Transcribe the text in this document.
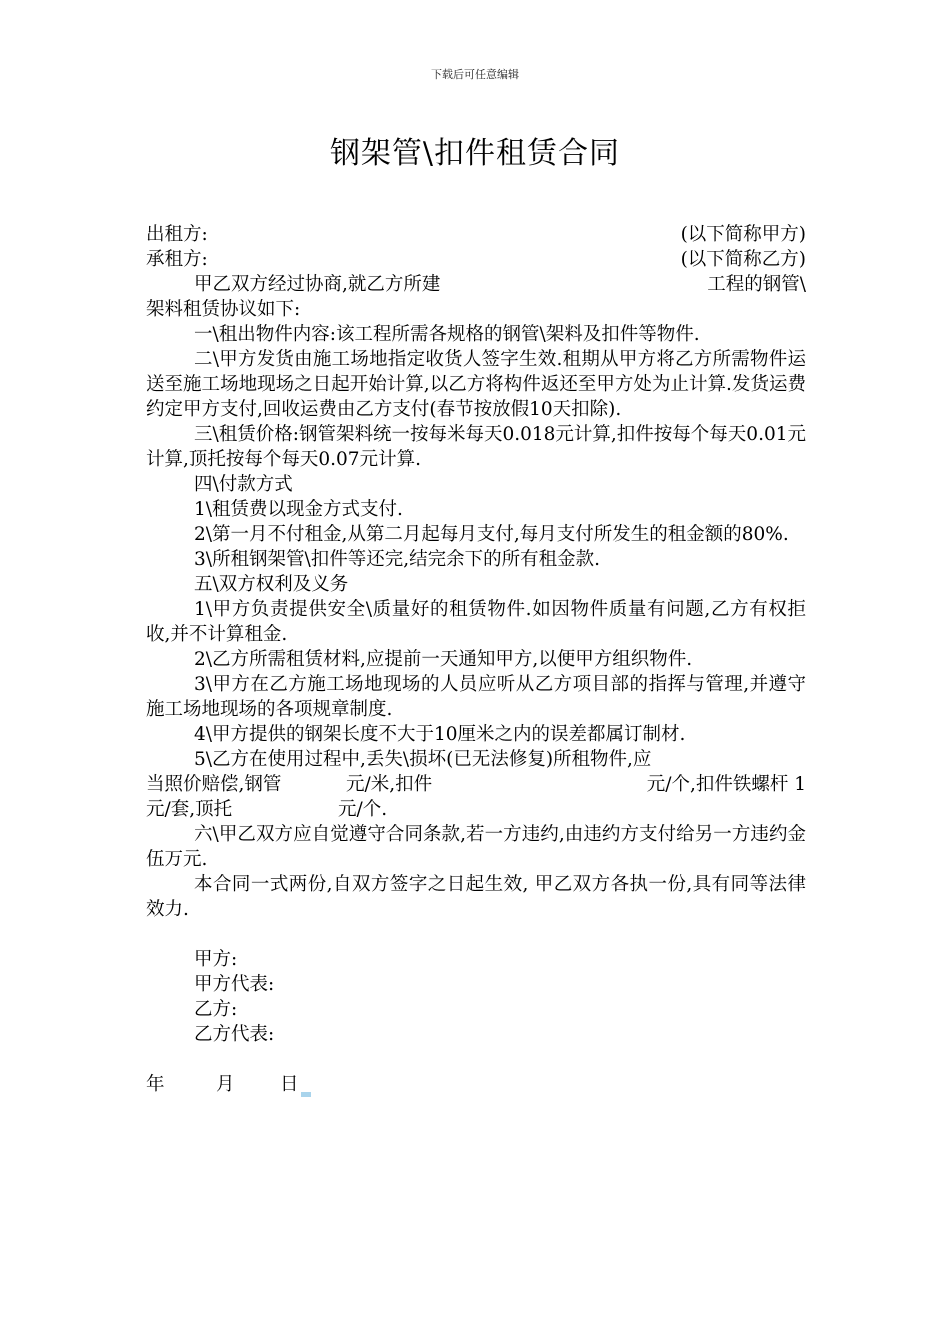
下载后可任意编辑
钢架管\扣件租赁合同
出租方:	(以下简称甲方)
承租方:	(以下简称乙方)
甲乙双方经过协商,就乙方所建	工程的钢管\
架料租赁协议如下:
一\租出物件内容:该工程所需各规格的钢管\架料及扣件等物件.
二\甲方发货由施工场地指定收货人签字生效.租期从甲方将乙方所需物件运送至施工场地现场之日起开始计算,以乙方将构件返还至甲方处为止计算.发货运费约定甲方支付,回收运费由乙方支付(春节按放假10天扣除).
三\租赁价格:钢管架料统一按每米每天0.018元计算,扣件按每个每天0.01元计算,顶托按每个每天0.07元计算.
四\付款方式
1\租赁费以现金方式支付.
2\第一月不付租金,从第二月起每月支付,每月支付所发生的租金额的80%.
3\所租钢架管\扣件等还完,结完余下的所有租金款.
五\双方权利及义务
1\甲方负责提供安全\质量好的租赁物件.如因物件质量有问题,乙方有权拒收,并不计算租金.
2\乙方所需租赁材料,应提前一天通知甲方,以便甲方组织物件.
3\甲方在乙方施工场地现场的人员应听从乙方项目部的指挥与管理,并遵守施工场地现场的各项规章制度.
4\甲方提供的钢架长度不大于10厘米之内的误差都属订制材.
5\乙方在使用过程中,丢失\损坏(已无法修复)所租物件,应
当照价赔偿,钢管	元/米,扣件	元/个,扣件铁螺杆 1
元/套,顶托	元/个.
六\甲乙双方应自觉遵守合同条款,若一方违约,由违约方支付给另一方违约金伍万元.
本合同一式两份,自双方签字之日起生效, 甲乙双方各执一份,具有同等法律效力.
甲方:
甲方代表:
乙方:
乙方代表:
年	月	日
